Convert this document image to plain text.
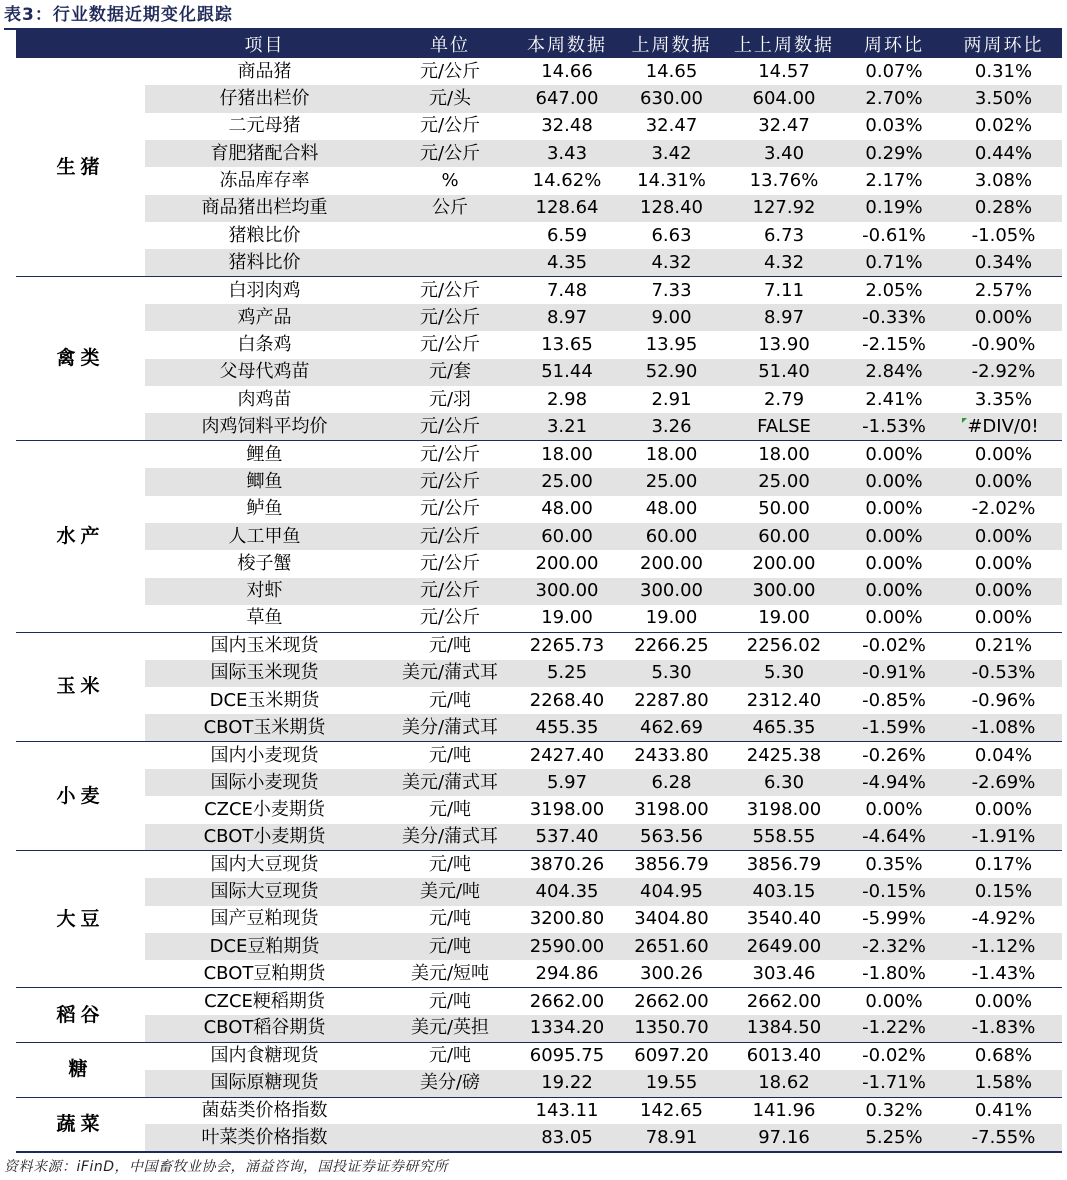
表3：行业数据近期变化跟踪
	项目	单位	本周数据	上周数据	上上周数据	周环比	两周环比
生猪	商品猪	元/公斤	14.66	14.65	14.57	0.07%	0.31%
	仔猪出栏价	元/头	647.00	630.00	604.00	2.70%	3.50%
	二元母猪	元/公斤	32.48	32.47	32.47	0.03%	0.02%
	育肥猪配合料	元/公斤	3.43	3.42	3.40	0.29%	0.44%
	冻品库存率	%	14.62%	14.31%	13.76%	2.17%	3.08%
	商品猪出栏均重	公斤	128.64	128.40	127.92	0.19%	0.28%
	猪粮比价		6.59	6.63	6.73	-0.61%	-1.05%
	猪料比价		4.35	4.32	4.32	0.71%	0.34%
禽类	白羽肉鸡	元/公斤	7.48	7.33	7.11	2.05%	2.57%
	鸡产品	元/公斤	8.97	9.00	8.97	-0.33%	0.00%
	白条鸡	元/公斤	13.65	13.95	13.90	-2.15%	-0.90%
	父母代鸡苗	元/套	51.44	52.90	51.40	2.84%	-2.92%
	肉鸡苗	元/羽	2.98	2.91	2.79	2.41%	3.35%
	肉鸡饲料平均价	元/公斤	3.21	3.26	FALSE	-1.53%	#DIV/0!
水产	鲤鱼	元/公斤	18.00	18.00	18.00	0.00%	0.00%
	鲫鱼	元/公斤	25.00	25.00	25.00	0.00%	0.00%
	鲈鱼	元/公斤	48.00	48.00	50.00	0.00%	-2.02%
	人工甲鱼	元/公斤	60.00	60.00	60.00	0.00%	0.00%
	梭子蟹	元/公斤	200.00	200.00	200.00	0.00%	0.00%
	对虾	元/公斤	300.00	300.00	300.00	0.00%	0.00%
	草鱼	元/公斤	19.00	19.00	19.00	0.00%	0.00%
玉米	国内玉米现货	元/吨	2265.73	2266.25	2256.02	-0.02%	0.21%
	国际玉米现货	美元/蒲式耳	5.25	5.30	5.30	-0.91%	-0.53%
	DCE玉米期货	元/吨	2268.40	2287.80	2312.40	-0.85%	-0.96%
	CBOT玉米期货	美分/蒲式耳	455.35	462.69	465.35	-1.59%	-1.08%
小麦	国内小麦现货	元/吨	2427.40	2433.80	2425.38	-0.26%	0.04%
	国际小麦现货	美元/蒲式耳	5.97	6.28	6.30	-4.94%	-2.69%
	CZCE小麦期货	元/吨	3198.00	3198.00	3198.00	0.00%	0.00%
	CBOT小麦期货	美分/蒲式耳	537.40	563.56	558.55	-4.64%	-1.91%
大豆	国内大豆现货	元/吨	3870.26	3856.79	3856.79	0.35%	0.17%
	国际大豆现货	美元/吨	404.35	404.95	403.15	-0.15%	0.15%
	国产豆粕现货	元/吨	3200.80	3404.80	3540.40	-5.99%	-4.92%
	DCE豆粕期货	元/吨	2590.00	2651.60	2649.00	-2.32%	-1.12%
	CBOT豆粕期货	美元/短吨	294.86	300.26	303.46	-1.80%	-1.43%
稻谷	CZCE粳稻期货	元/吨	2662.00	2662.00	2662.00	0.00%	0.00%
	CBOT稻谷期货	美元/英担	1334.20	1350.70	1384.50	-1.22%	-1.83%
糖	国内食糖现货	元/吨	6095.75	6097.20	6013.40	-0.02%	0.68%
	国际原糖现货	美分/磅	19.22	19.55	18.62	-1.71%	1.58%
蔬菜	菌菇类价格指数		143.11	142.65	141.96	0.32%	0.41%
	叶菜类价格指数		83.05	78.91	97.16	5.25%	-7.55%
资料来源：iFinD，中国畜牧业协会，涌益咨询，国投证券证券研究所
